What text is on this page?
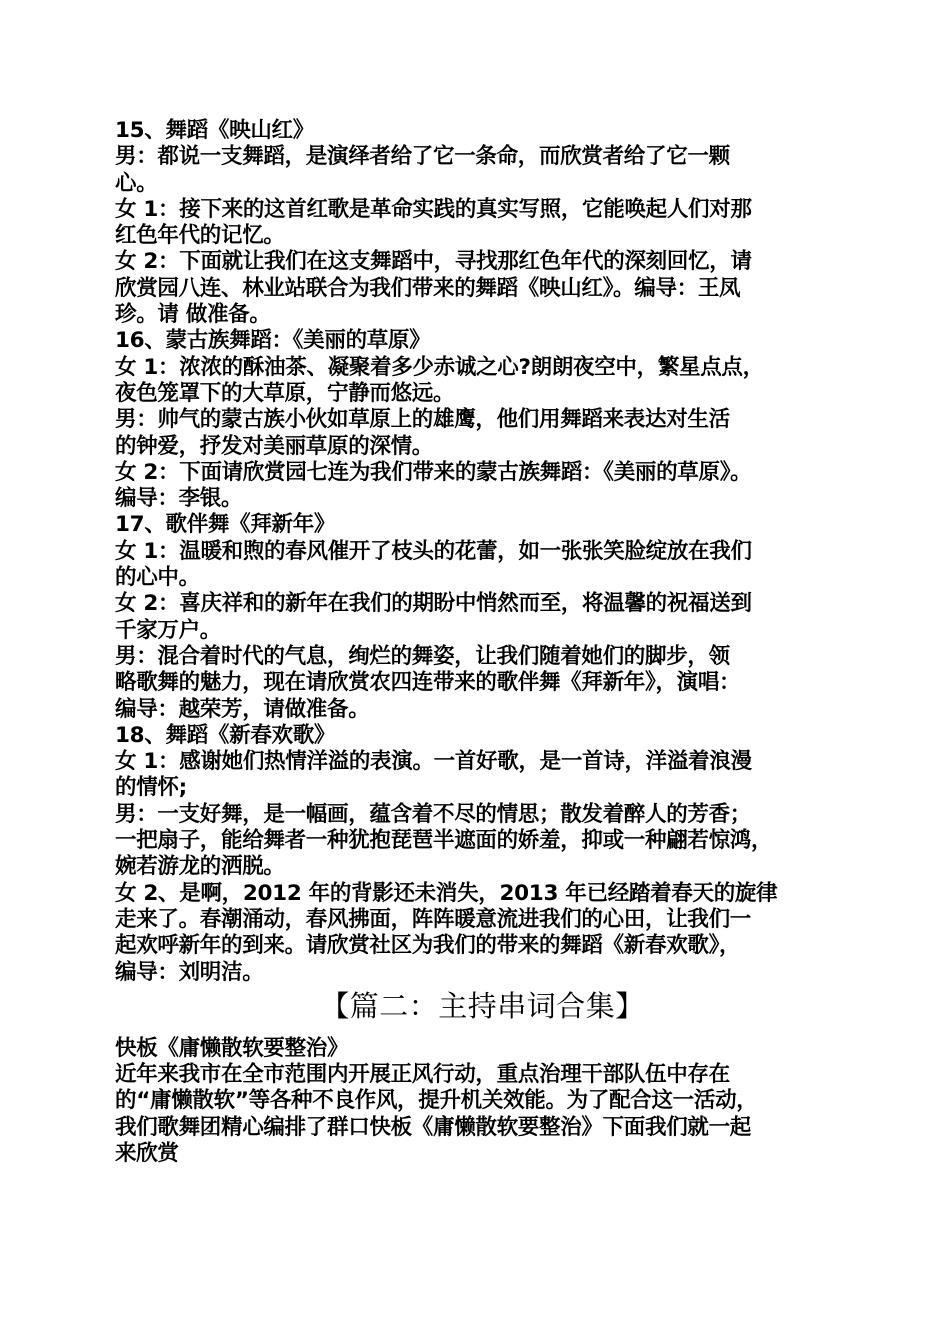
15、舞蹈《映山红》
男：都说一支舞蹈，是演绎者给了它一条命，而欣赏者给了它一颗
心。
女 1：接下来的这首红歌是革命实践的真实写照，它能唤起人们对那
红色年代的记忆。
女 2：下面就让我们在这支舞蹈中，寻找那红色年代的深刻回忆，请
欣赏园八连、林业站联合为我们带来的舞蹈《映山红》。编导：王凤
珍。请 做准备。
16、蒙古族舞蹈：《美丽的草原》
女 1：浓浓的酥油茶、凝聚着多少赤诚之心?朗朗夜空中，繁星点点，
夜色笼罩下的大草原，宁静而悠远。
男：帅气的蒙古族小伙如草原上的雄鹰，他们用舞蹈来表达对生活
的钟爱，抒发对美丽草原的深情。
女 2：下面请欣赏园七连为我们带来的蒙古族舞蹈：《美丽的草原》。
编导：李银。
17、歌伴舞《拜新年》
女 1：温暖和煦的春风催开了枝头的花蕾，如一张张笑脸绽放在我们
的心中。
女 2：喜庆祥和的新年在我们的期盼中悄然而至，将温馨的祝福送到
千家万户。
男：混合着时代的气息，绚烂的舞姿，让我们随着她们的脚步，领
略歌舞的魅力，现在请欣赏农四连带来的歌伴舞《拜新年》，演唱：
编导：越荣芳，请做准备。
18、舞蹈《新春欢歌》
女 1：感谢她们热情洋溢的表演。一首好歌，是一首诗，洋溢着浪漫
的情怀;
男：一支好舞，是一幅画，蕴含着不尽的情思；散发着醉人的芳香；
一把扇子，能给舞者一种犹抱琵琶半遮面的娇羞，抑或一种翩若惊鸿，
婉若游龙的洒脱。
女 2、是啊，2012 年的背影还未消失，2013 年已经踏着春天的旋律
走来了。春潮涌动，春风拂面，阵阵暖意流进我们的心田，让我们一
起欢呼新年的到来。请欣赏社区为我们的带来的舞蹈《新春欢歌》，
编导：刘明洁。
【篇二：主持串词合集】
快板《庸懒散软要整治》
近年来我市在全市范围内开展正风行动，重点治理干部队伍中存在
的“庸懒散软”等各种不良作风，提升机关效能。为了配合这一活动，
我们歌舞团精心编排了群口快板《庸懒散软要整治》下面我们就一起
来欣赏
